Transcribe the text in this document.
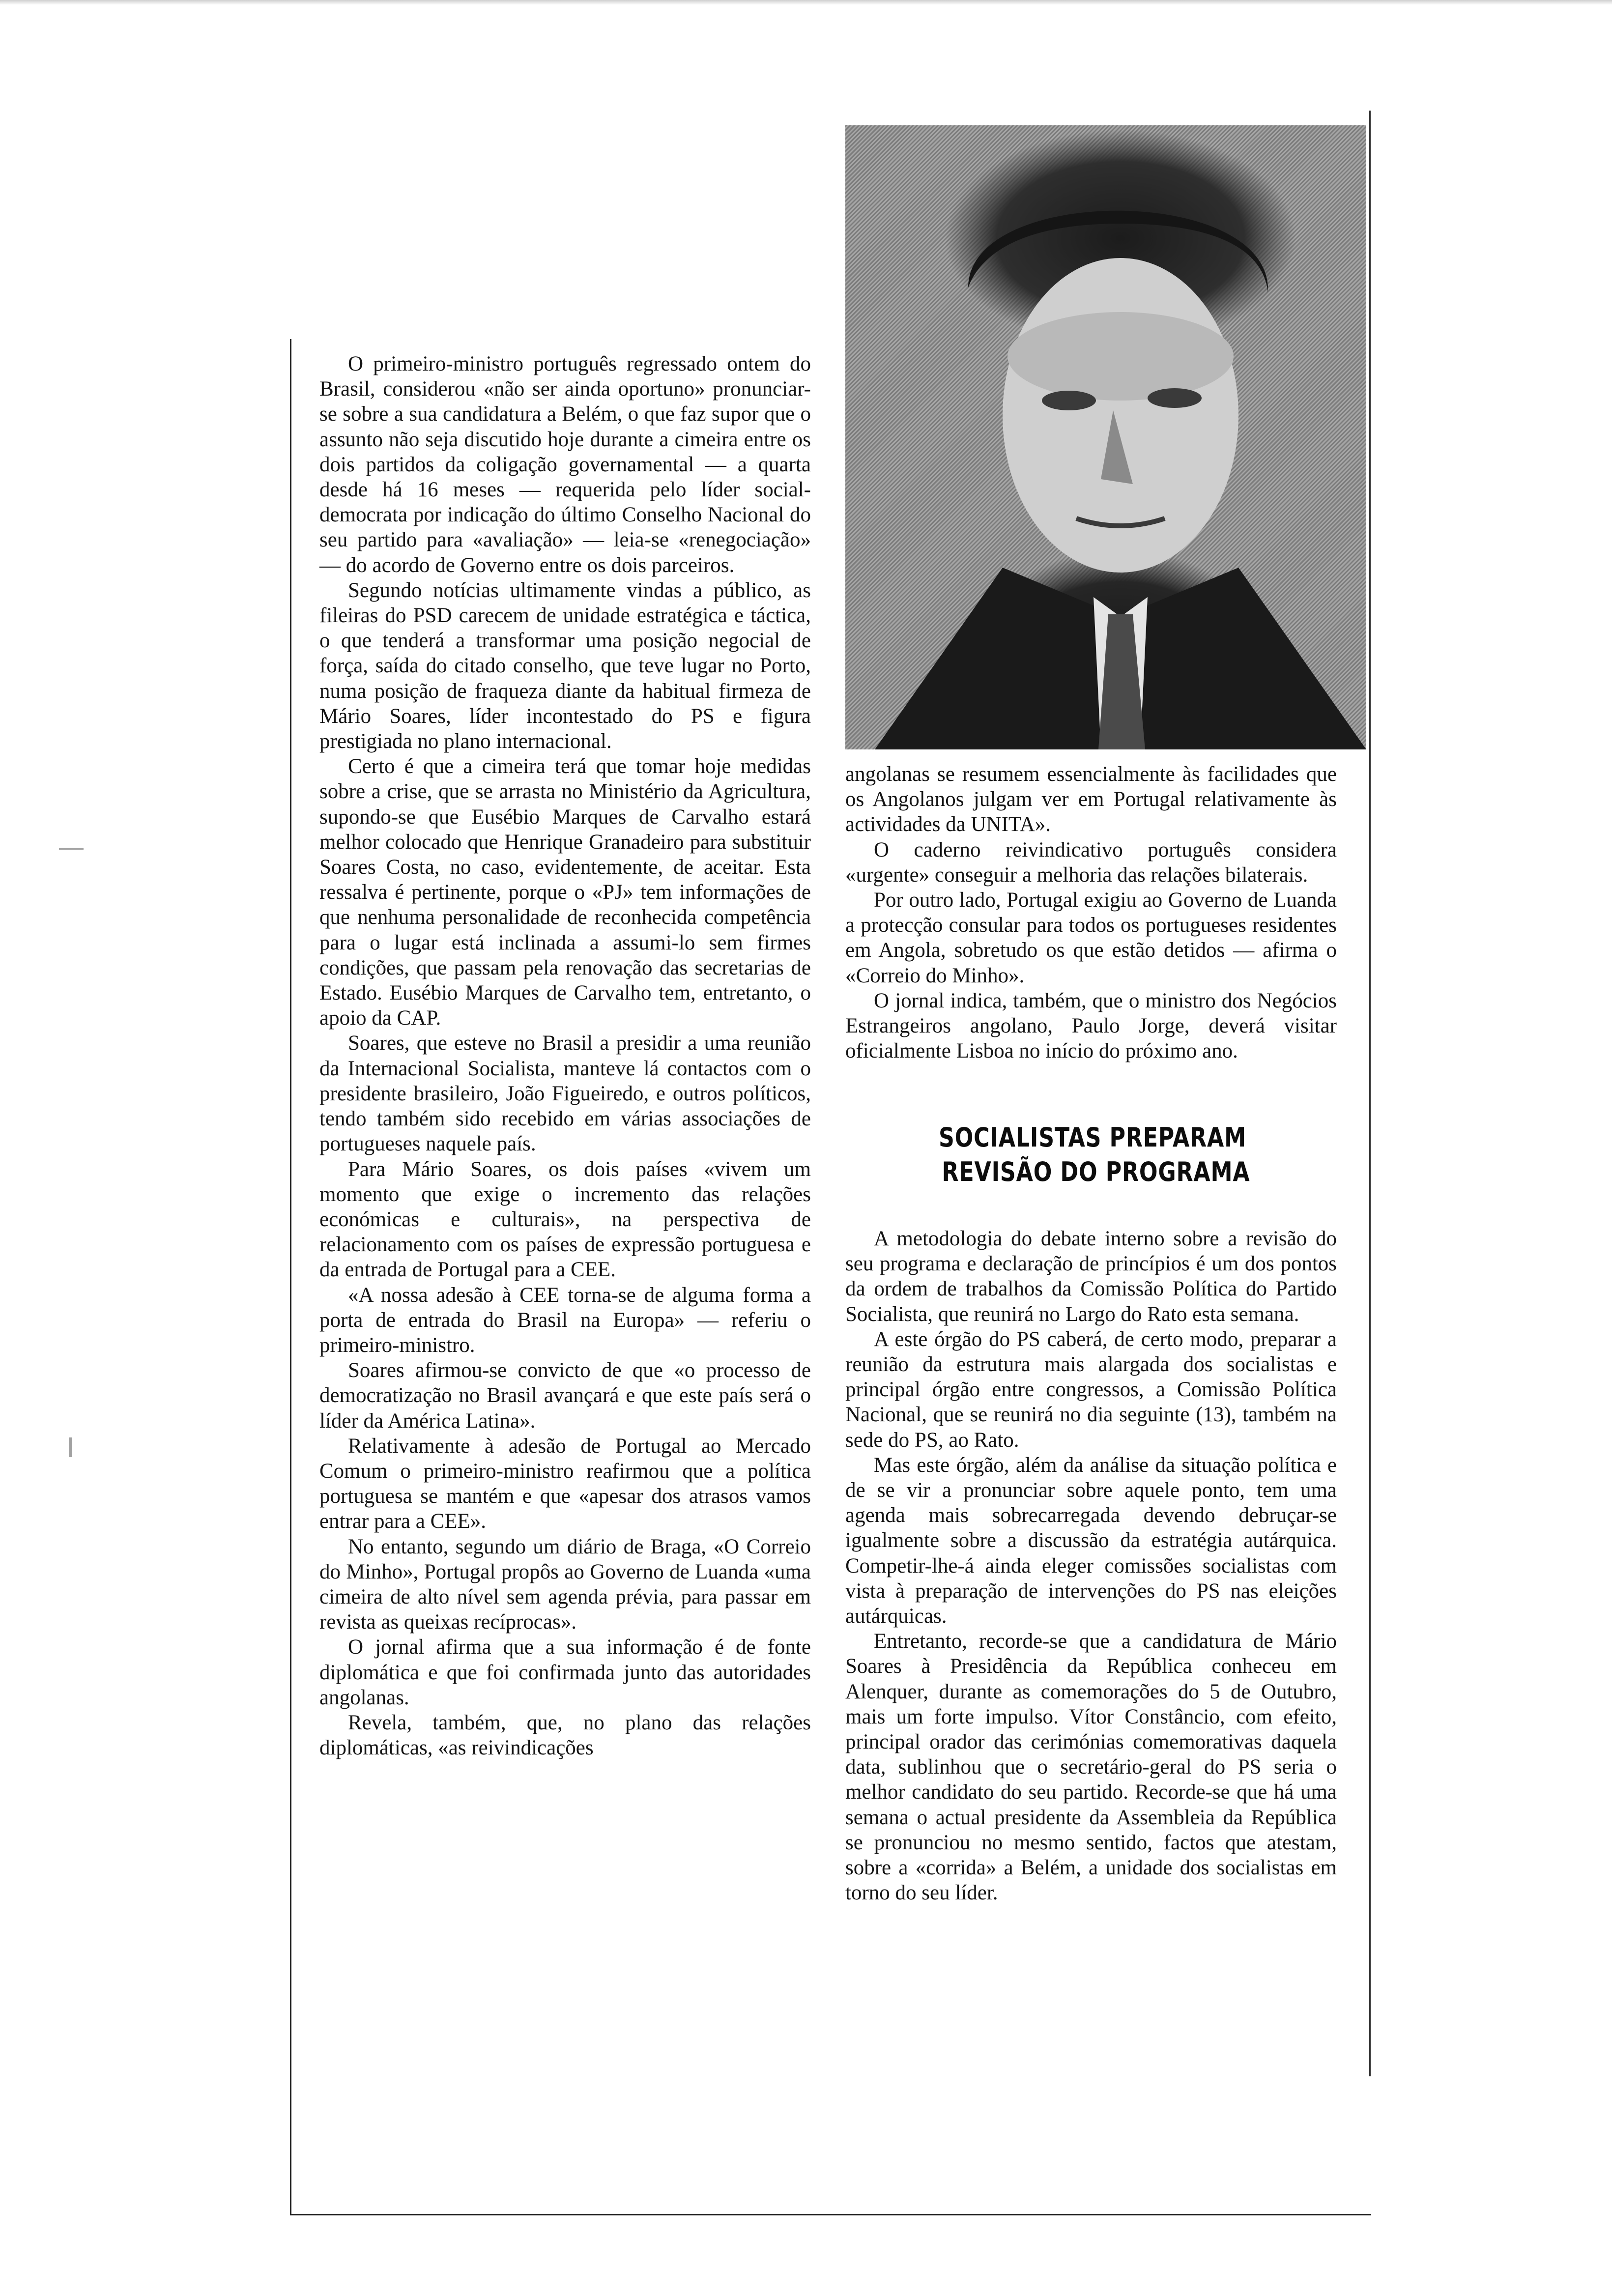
O primeiro-ministro português regressado ontem do Brasil, considerou «não ser ainda oportuno» pronunciar-se sobre a sua candidatura a Belém, o que faz supor que o assunto não seja discutido hoje durante a cimeira entre os dois partidos da coligação governamental — a quarta desde há 16 meses — requerida pelo líder social-democrata por indicação do último Conselho Nacional do seu partido para «avaliação» — leia-se «renegociação» — do acordo de Governo entre os dois parceiros.

Segundo notícias ultimamente vindas a público, as fileiras do PSD carecem de unidade estratégica e táctica, o que tenderá a transformar uma posição negocial de força, saída do citado conselho, que teve lugar no Porto, numa posição de fraqueza diante da habitual firmeza de Mário Soares, líder incontestado do PS e figura prestigiada no plano internacional.

Certo é que a cimeira terá que tomar hoje medidas sobre a crise, que se arrasta no Ministério da Agricultura, supondo-se que Eusébio Marques de Carvalho estará melhor colocado que Henrique Granadeiro para substituir Soares Costa, no caso, evidentemente, de aceitar. Esta ressalva é pertinente, porque o «PJ» tem informações de que nenhuma personalidade de reconhecida competência para o lugar está inclinada a assumi-lo sem firmes condições, que passam pela renovação das secretarias de Estado. Eusébio Marques de Carvalho tem, entretanto, o apoio da CAP.

Soares, que esteve no Brasil a presidir a uma reunião da Internacional Socialista, manteve lá contactos com o presidente brasileiro, João Figueiredo, e outros políticos, tendo também sido recebido em várias associações de portugueses naquele país.

Para Mário Soares, os dois países «vivem um momento que exige o incremento das relações económicas e culturais», na perspectiva de relacionamento com os países de expressão portuguesa e da entrada de Portugal para a CEE.

«A nossa adesão à CEE torna-se de alguma forma a porta de entrada do Brasil na Europa» — referiu o primeiro-ministro.

Soares afirmou-se convicto de que «o processo de democratização no Brasil avançará e que este país será o líder da América Latina».

Relativamente à adesão de Portugal ao Mercado Comum o primeiro-ministro reafirmou que a política portuguesa se mantém e que «apesar dos atrasos vamos entrar para a CEE».

No entanto, segundo um diário de Braga, «O Correio do Minho», Portugal propôs ao Governo de Luanda «uma cimeira de alto nível sem agenda prévia, para passar em revista as queixas recíprocas».

O jornal afirma que a sua informação é de fonte diplomática e que foi confirmada junto das autoridades angolanas.

Revela, também, que, no plano das relações diplomáticas, «as reivindicações

angolanas se resumem essencialmente às facilidades que os Angolanos julgam ver em Portugal relativamente às actividades da UNITA».

O caderno reivindicativo português considera «urgente» conseguir a melhoria das relações bilaterais.

Por outro lado, Portugal exigiu ao Governo de Luanda a protecção consular para todos os portugueses residentes em Angola, sobretudo os que estão detidos — afirma o «Correio do Minho».

O jornal indica, também, que o ministro dos Negócios Estrangeiros angolano, Paulo Jorge, deverá visitar oficialmente Lisboa no início do próximo ano.

SOCIALISTAS PREPARAM
REVISÃO DO PROGRAMA

A metodologia do debate interno sobre a revisão do seu programa e declaração de princípios é um dos pontos da ordem de trabalhos da Comissão Política do Partido Socialista, que reunirá no Largo do Rato esta semana.

A este órgão do PS caberá, de certo modo, preparar a reunião da estrutura mais alargada dos socialistas e principal órgão entre congressos, a Comissão Política Nacional, que se reunirá no dia seguinte (13), também na sede do PS, ao Rato.

Mas este órgão, além da análise da situação política e de se vir a pronunciar sobre aquele ponto, tem uma agenda mais sobrecarregada devendo debruçar-se igualmente sobre a discussão da estratégia autárquica. Competir-lhe-á ainda eleger comissões socialistas com vista à preparação de intervenções do PS nas eleições autárquicas.

Entretanto, recorde-se que a candidatura de Mário Soares à Presidência da República conheceu em Alenquer, durante as comemorações do 5 de Outubro, mais um forte impulso. Vítor Constâncio, com efeito, principal orador das cerimónias comemorativas daquela data, sublinhou que o secretário-geral do PS seria o melhor candidato do seu partido. Recorde-se que há uma semana o actual presidente da Assembleia da República se pronunciou no mesmo sentido, factos que atestam, sobre a «corrida» a Belém, a unidade dos socialistas em torno do seu líder.
